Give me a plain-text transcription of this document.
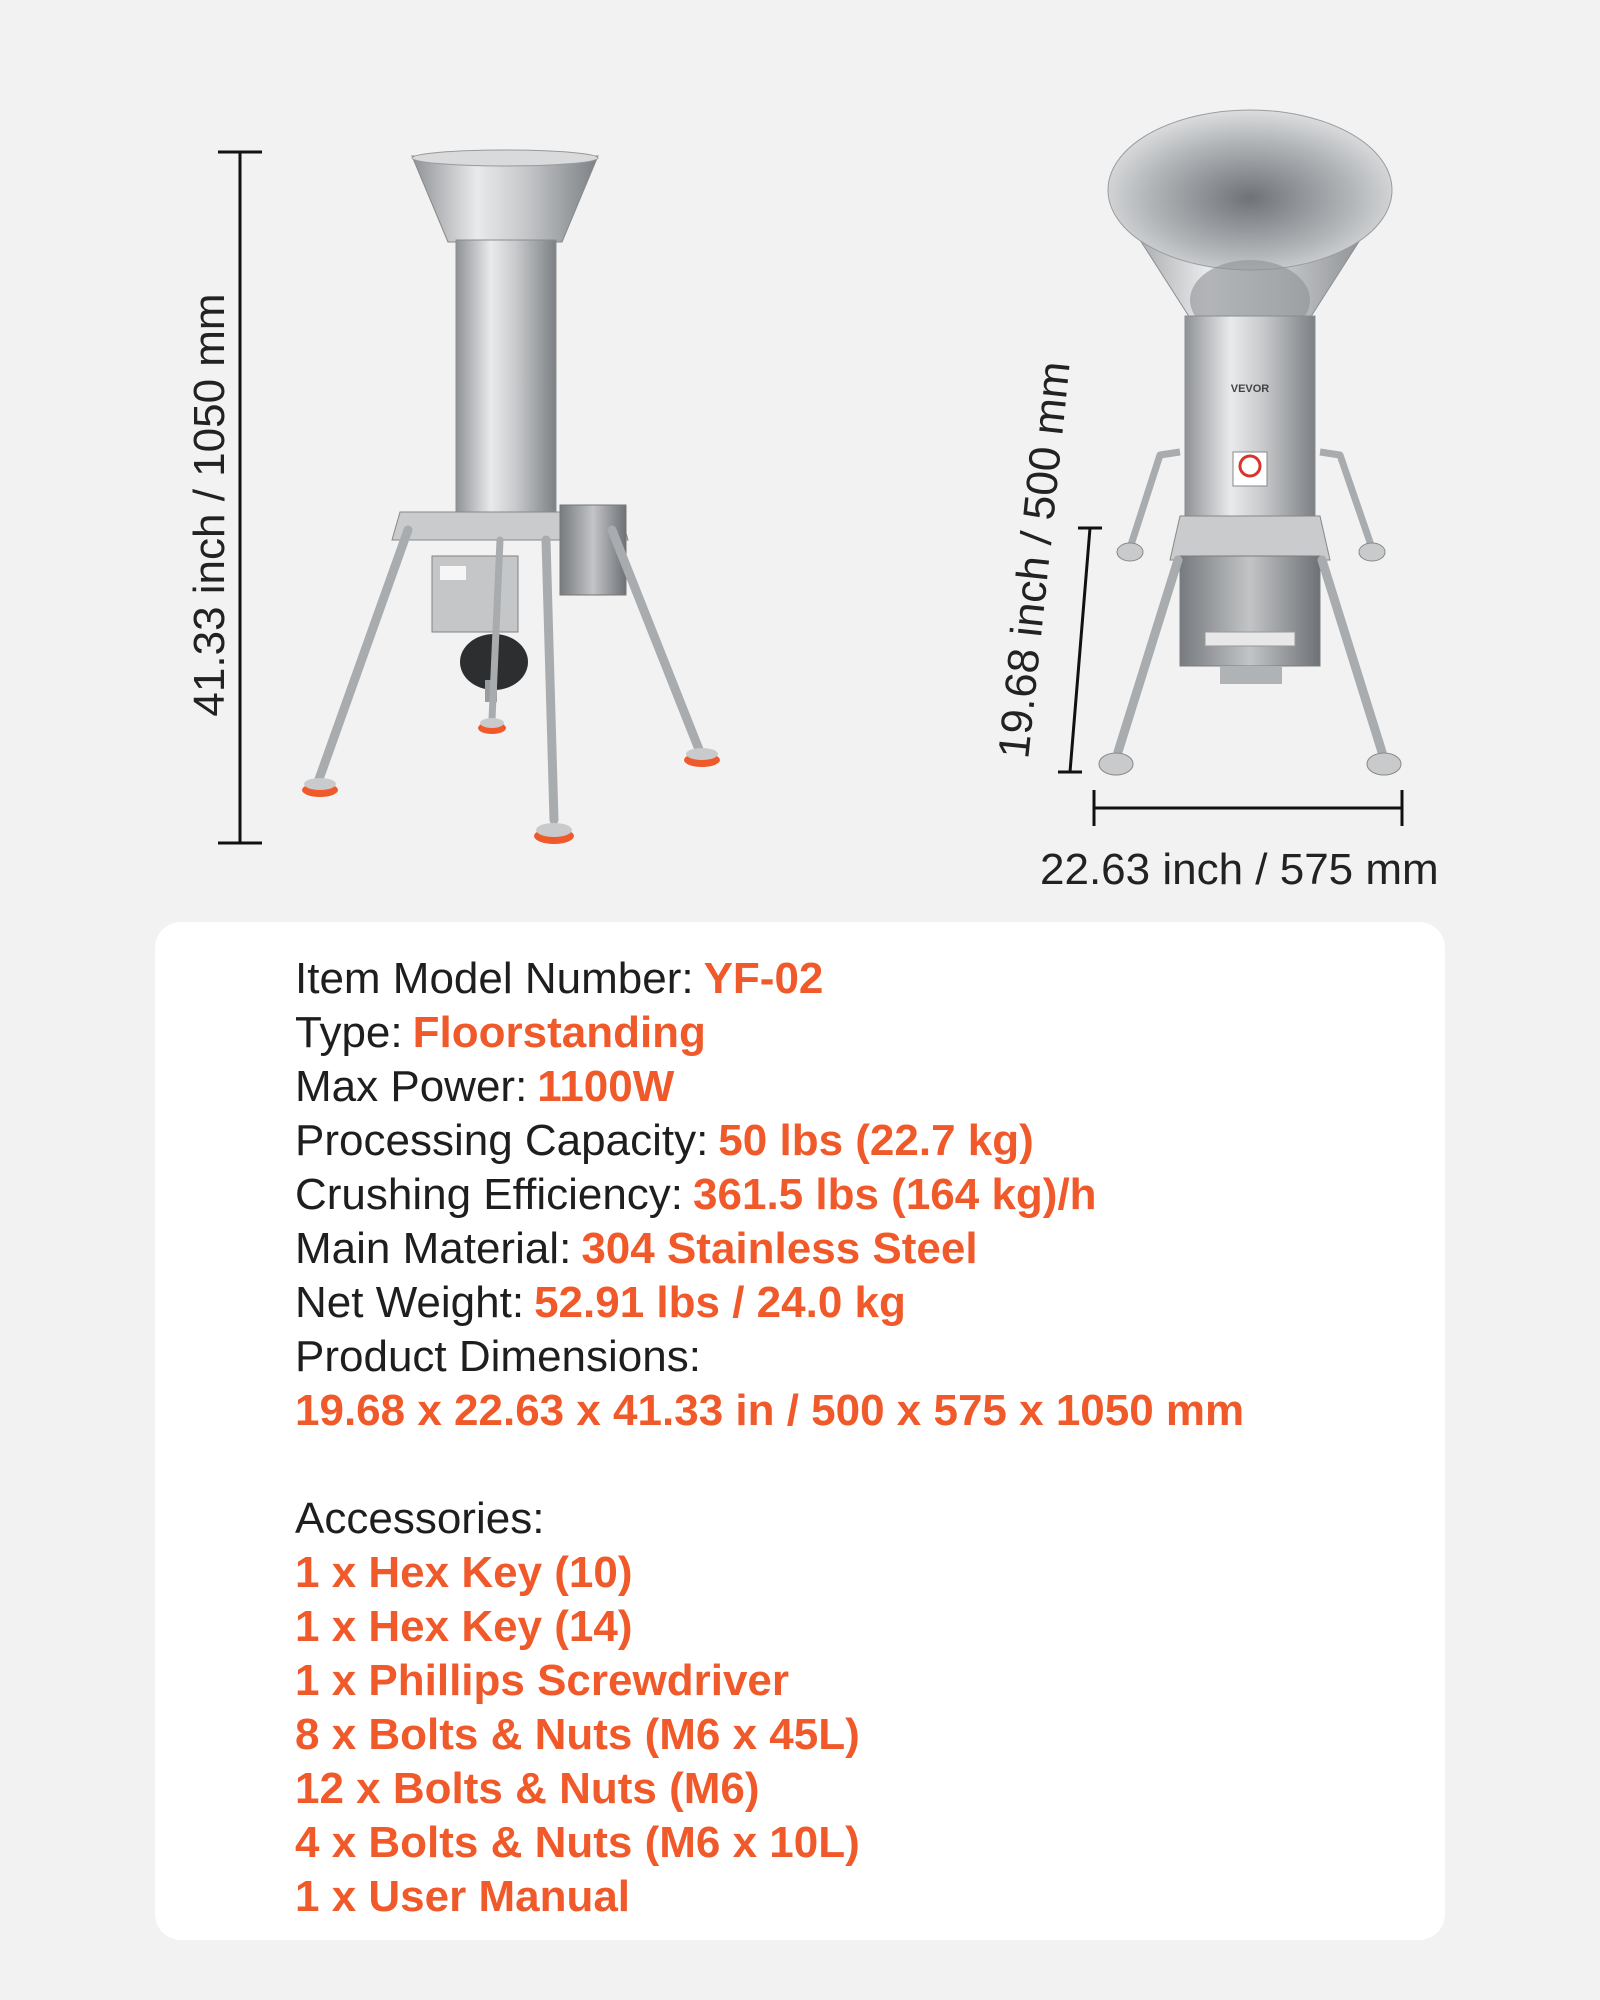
VEVOR
41.33 inch / 1050 mm	19.68 inch / 500 mm
22.63 inch / 575 mm
Item Model Number: YF-02
Type: Floorstanding
Max Power: 1100W
Processing Capacity: 50 lbs (22.7 kg)
Crushing Efficiency: 361.5 lbs (164 kg)/h
Main Material: 304 Stainless Steel
Net Weight: 52.91 lbs / 24.0 kg
Product Dimensions:
19.68 x 22.63 x 41.33 in / 500 x 575 x 1050 mm
Accessories:
1 x Hex Key (10)
1 x Hex Key (14)
1 x Phillips Screwdriver
8 x Bolts & Nuts (M6 x 45L)
12 x Bolts & Nuts (M6)
4 x Bolts & Nuts (M6 x 10L)
1 x User Manual
